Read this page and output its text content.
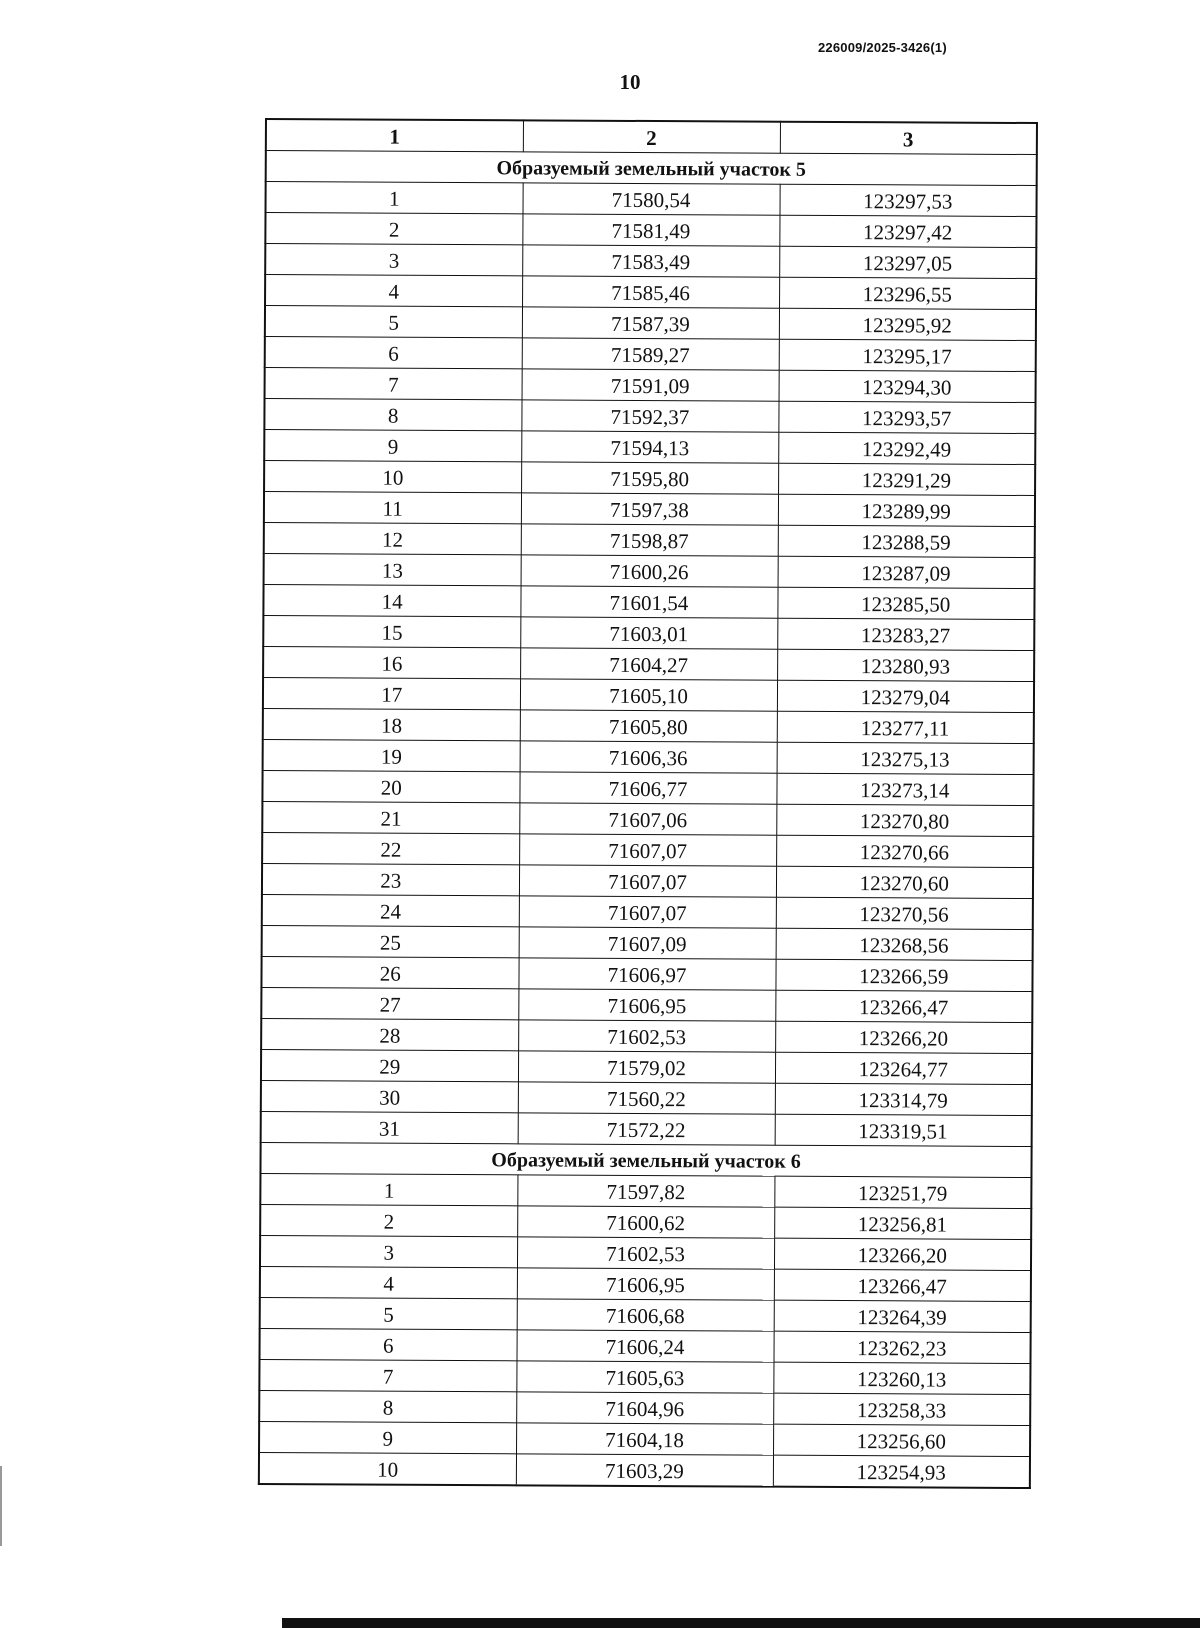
226009/2025-3426(1)
10
1	2	3
Образуемый земельный участок 5		
1	71580,54	123297,53
2	71581,49	123297,42
3	71583,49	123297,05
4	71585,46	123296,55
5	71587,39	123295,92
6	71589,27	123295,17
7	71591,09	123294,30
8	71592,37	123293,57
9	71594,13	123292,49
10	71595,80	123291,29
11	71597,38	123289,99
12	71598,87	123288,59
13	71600,26	123287,09
14	71601,54	123285,50
15	71603,01	123283,27
16	71604,27	123280,93
17	71605,10	123279,04
18	71605,80	123277,11
19	71606,36	123275,13
20	71606,77	123273,14
21	71607,06	123270,80
22	71607,07	123270,66
23	71607,07	123270,60
24	71607,07	123270,56
25	71607,09	123268,56
26	71606,97	123266,59
27	71606,95	123266,47
28	71602,53	123266,20
29	71579,02	123264,77
30	71560,22	123314,79
31	71572,22	123319,51
Образуемый земельный участок 6		
1	71597,82	123251,79
2	71600,62	123256,81
3	71602,53	123266,20
4	71606,95	123266,47
5	71606,68	123264,39
6	71606,24	123262,23
7	71605,63	123260,13
8	71604,96	123258,33
9	71604,18	123256,60
10	71603,29	123254,93
